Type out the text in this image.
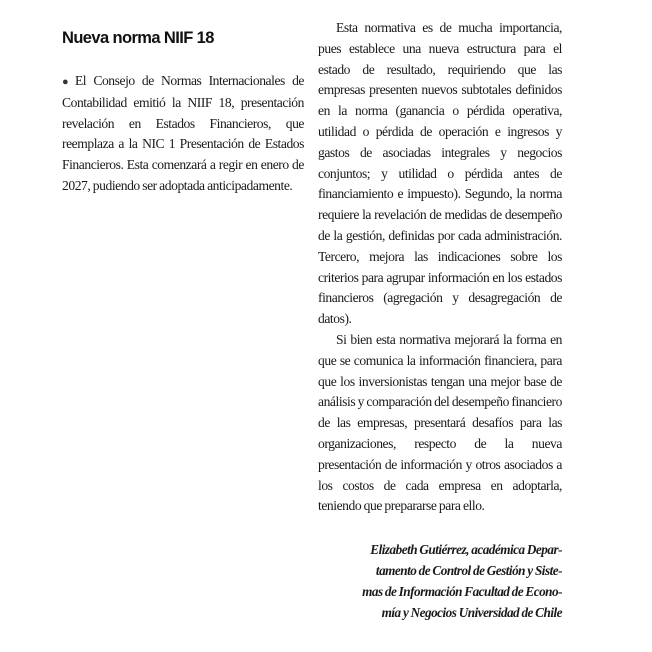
Nueva norma NIIF 18

● El Consejo de Normas Internacionales de Contabilidad emitió la NIIF 18, presentación revelación en Estados Financieros, que reemplaza a la NIC 1 Presentación de Estados Financieros. Esta comenzará a regir en enero de 2027, pudiendo ser adoptada anticipadamente.

Esta normativa es de mucha importancia, pues establece una nueva estructura para el estado de resultado, requiriendo que las empresas presenten nuevos subtotales definidos en la norma (ganancia o pérdida operativa, utilidad o pérdida de operación e ingresos y gastos de asociadas integrales y negocios conjuntos; y utilidad o pérdida antes de financiamiento e impuesto). Segundo, la norma requiere la revelación de medidas de desempeño de la gestión, definidas por cada administración. Tercero, mejora las indicaciones sobre los criterios para agrupar información en los estados financieros (agregación y desagregación de datos).

Si bien esta normativa mejorará la forma en que se comunica la información financiera, para que los inversionistas tengan una mejor base de análisis y comparación del desempeño financiero de las empresas, presentará desafíos para las organizaciones, respecto de la nueva presentación de información y otros asociados a los costos de cada empresa en adoptarla, teniendo que prepararse para ello.

Elizabeth Gutiérrez, académica Depar-
tamento de Control de Gestión y Siste-
mas de Información Facultad de Econo-
mía y Negocios Universidad de Chile
